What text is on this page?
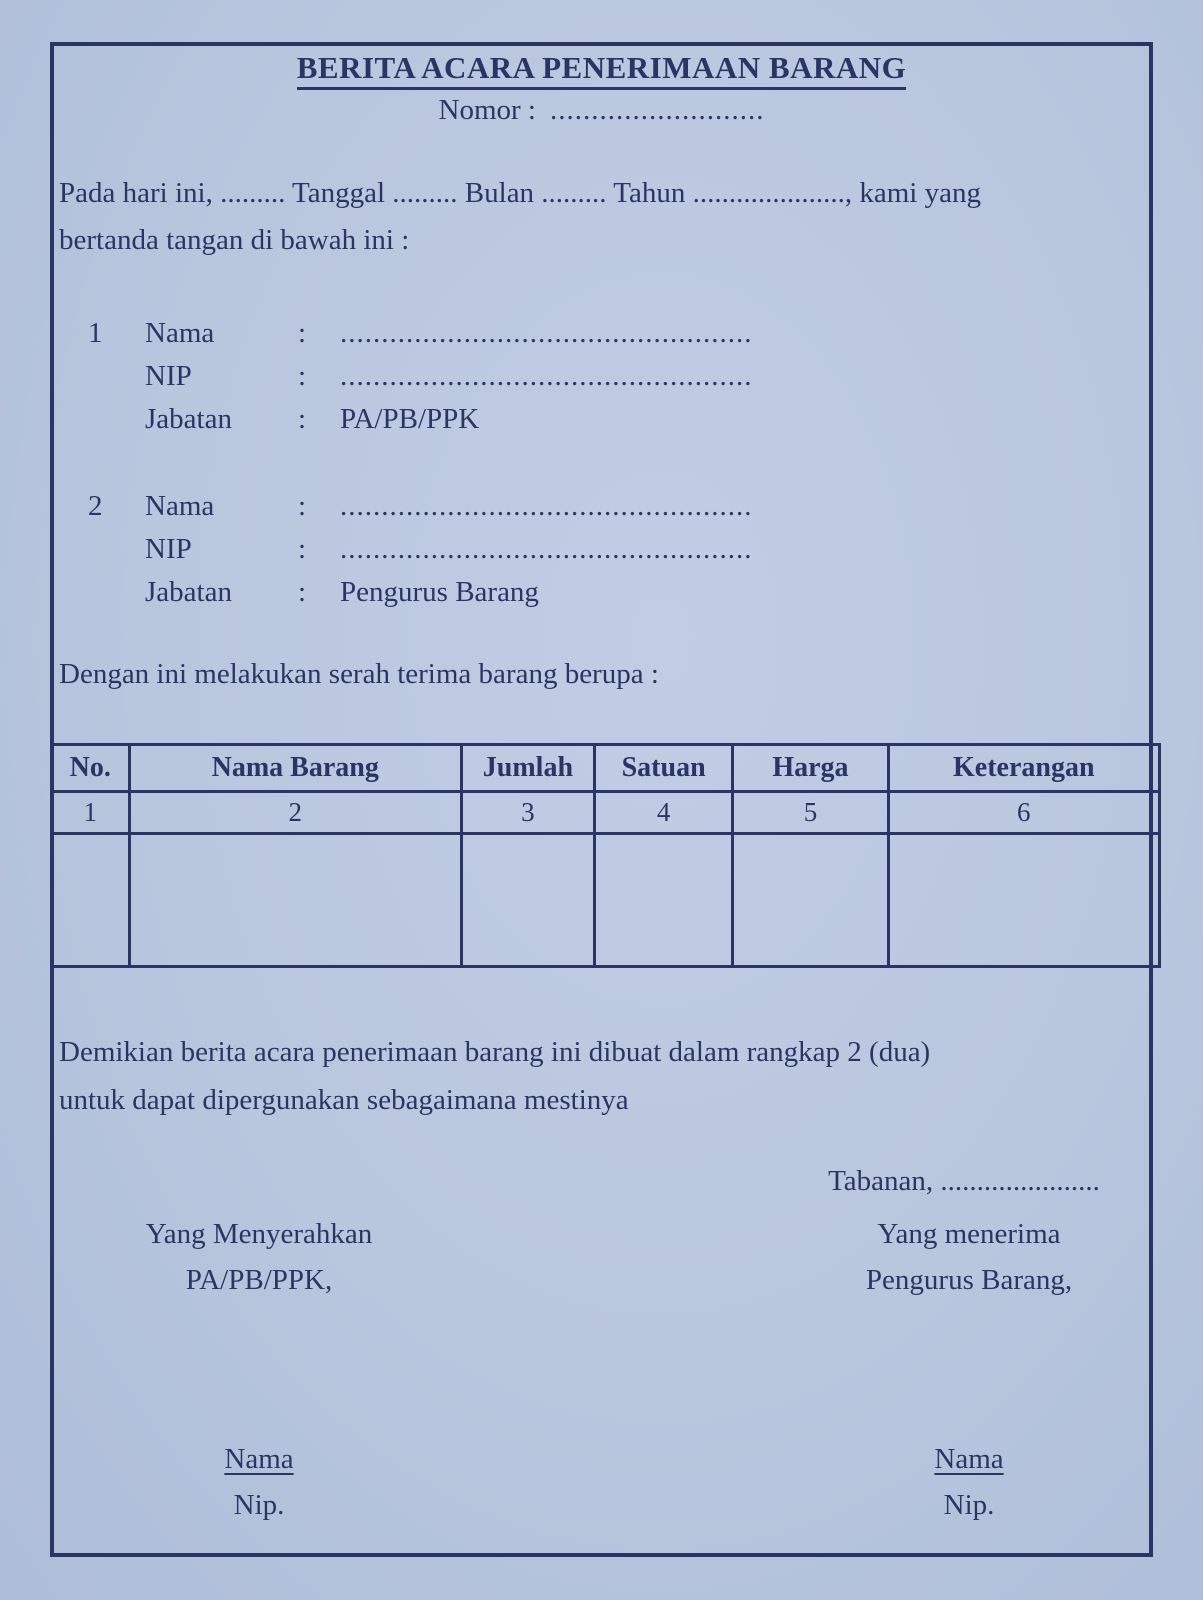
BERITA ACARA PENERIMAAN BARANG
Nomor : ..........................
Pada hari ini, ......... Tanggal ......... Bulan ......... Tahun ....................., kami yang
bertanda tangan di bawah ini :
1	Nama	:	..................................................
NIP	:	..................................................
Jabatan	:	PA/PB/PPK
2	Nama	:	..................................................
NIP	:	..................................................
Jabatan	:	Pengurus Barang
Dengan ini melakukan serah terima barang berupa :
No.	Nama Barang	Jumlah	Satuan	Harga	Keterangan
1	2	3	4	5	6

Demikian berita acara penerimaan barang ini dibuat dalam rangkap 2 (dua)
untuk dapat dipergunakan sebagaimana mestinya
Tabanan, ......................
Yang Menyerahkan
PA/PB/PPK,
Yang menerima
Pengurus Barang,
Nama
Nip.
Nama
Nip.
